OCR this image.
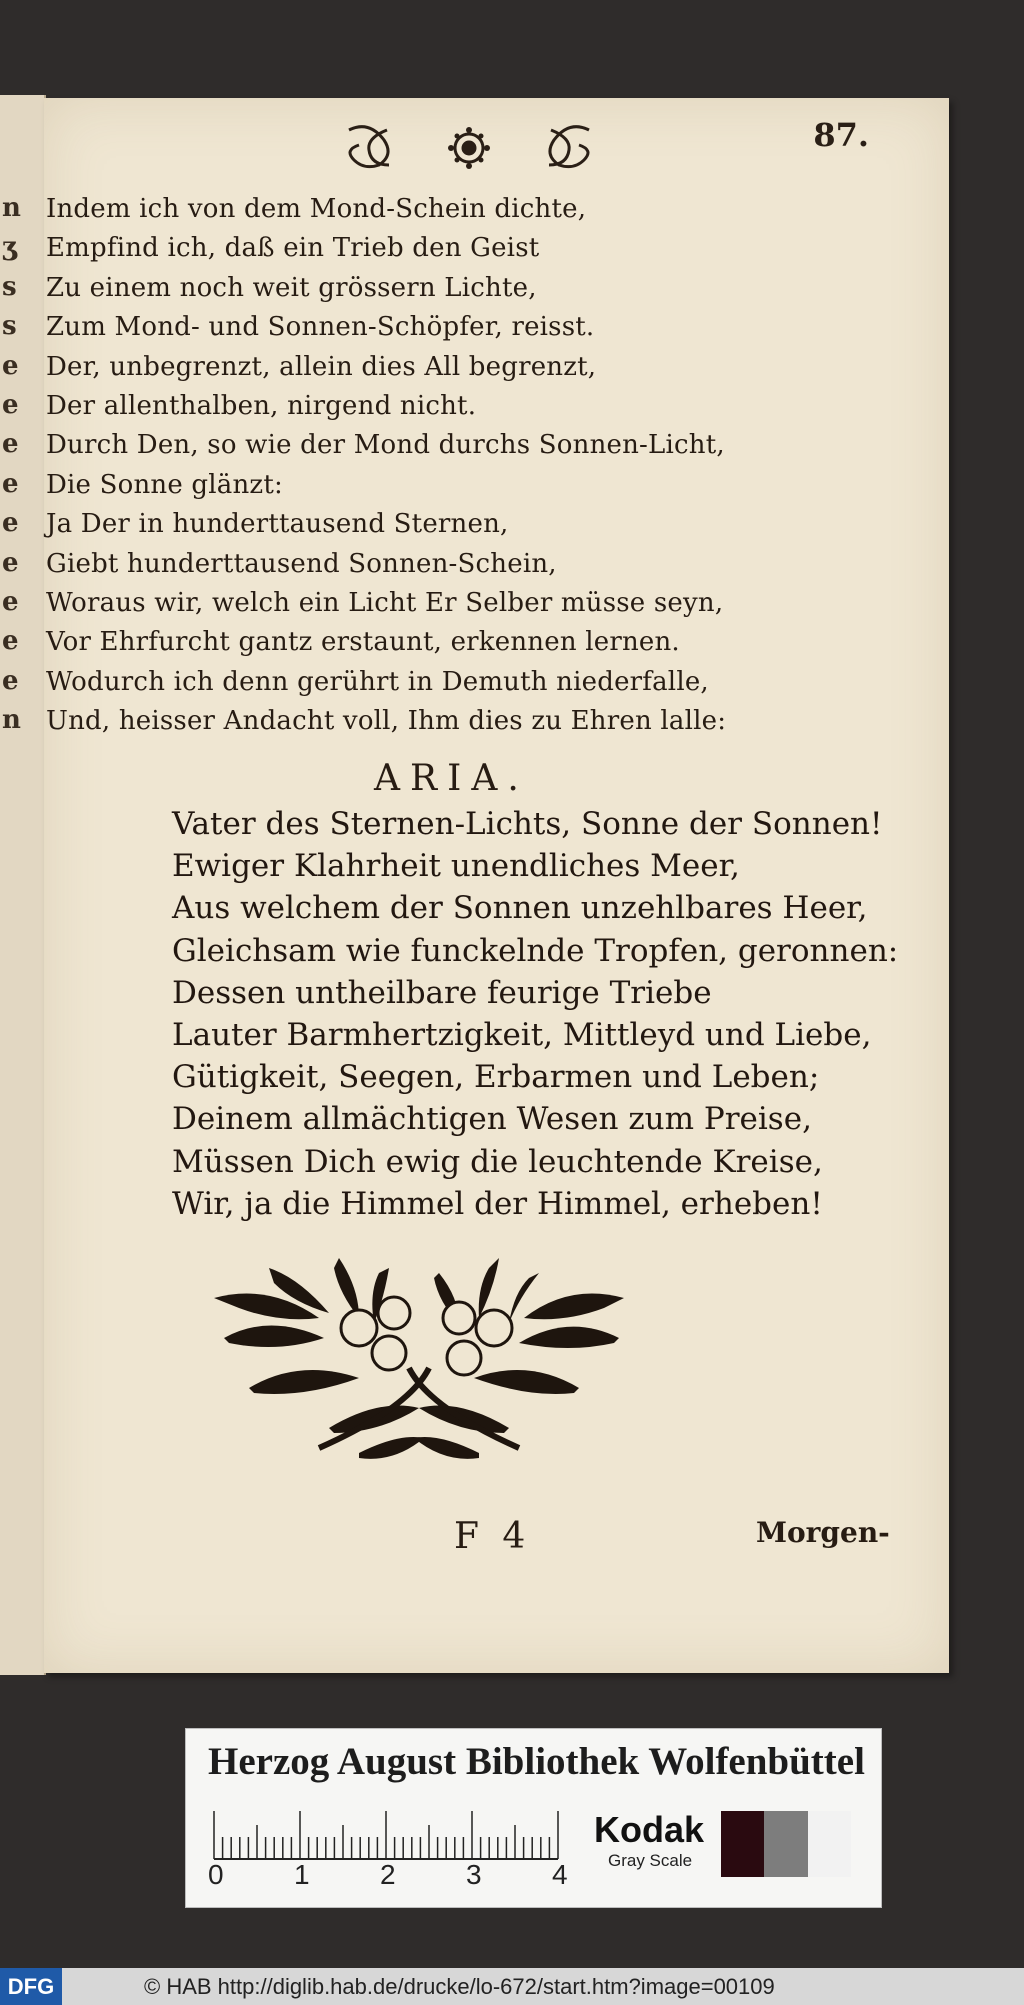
n
ʒ
s
s
e
e
e
e
e
e
e
e
e
n
87.
Indem ich von dem Mond-Schein dichte,
Empfind ich, daß ein Trieb den Geist
Zu einem noch weit grössern Lichte,
Zum Mond- und Sonnen-Schöpfer, reisst.
Der, unbegrenzt, allein dies All begrenzt,
Der allenthalben, nirgend nicht.
Durch Den, so wie der Mond durchs Sonnen-Licht,
Die Sonne glänzt:
Ja Der in hunderttausend Sternen,
Giebt hunderttausend Sonnen-Schein,
Woraus wir, welch ein Licht Er Selber müsse seyn,
Vor Ehrfurcht gantz erstaunt, erkennen lernen.
Wodurch ich denn gerührt in Demuth niederfalle,
Und, heisser Andacht voll, Ihm dies zu Ehren lalle:
ARIA.
Vater des Sternen-Lichts, Sonne der Sonnen!
Ewiger Klahrheit unendliches Meer,
Aus welchem der Sonnen unzehlbares Heer,
Gleichsam wie funckelnde Tropfen, geronnen:
Dessen untheilbare feurige Triebe
Lauter Barmhertzigkeit, Mittleyd und Liebe,
Gütigkeit, Seegen, Erbarmen und Leben;
Deinem allmächtigen Wesen zum Preise,
Müssen Dich ewig die leuchtende Kreise,
Wir, ja die Himmel der Himmel, erheben!
F 4	Morgen-
Herzog August Bibliothek Wolfenbüttel
0	1	2	3	4
Kodak
Gray Scale
DFG	© HAB http://diglib.hab.de/drucke/lo-672/start.htm?image=00109
